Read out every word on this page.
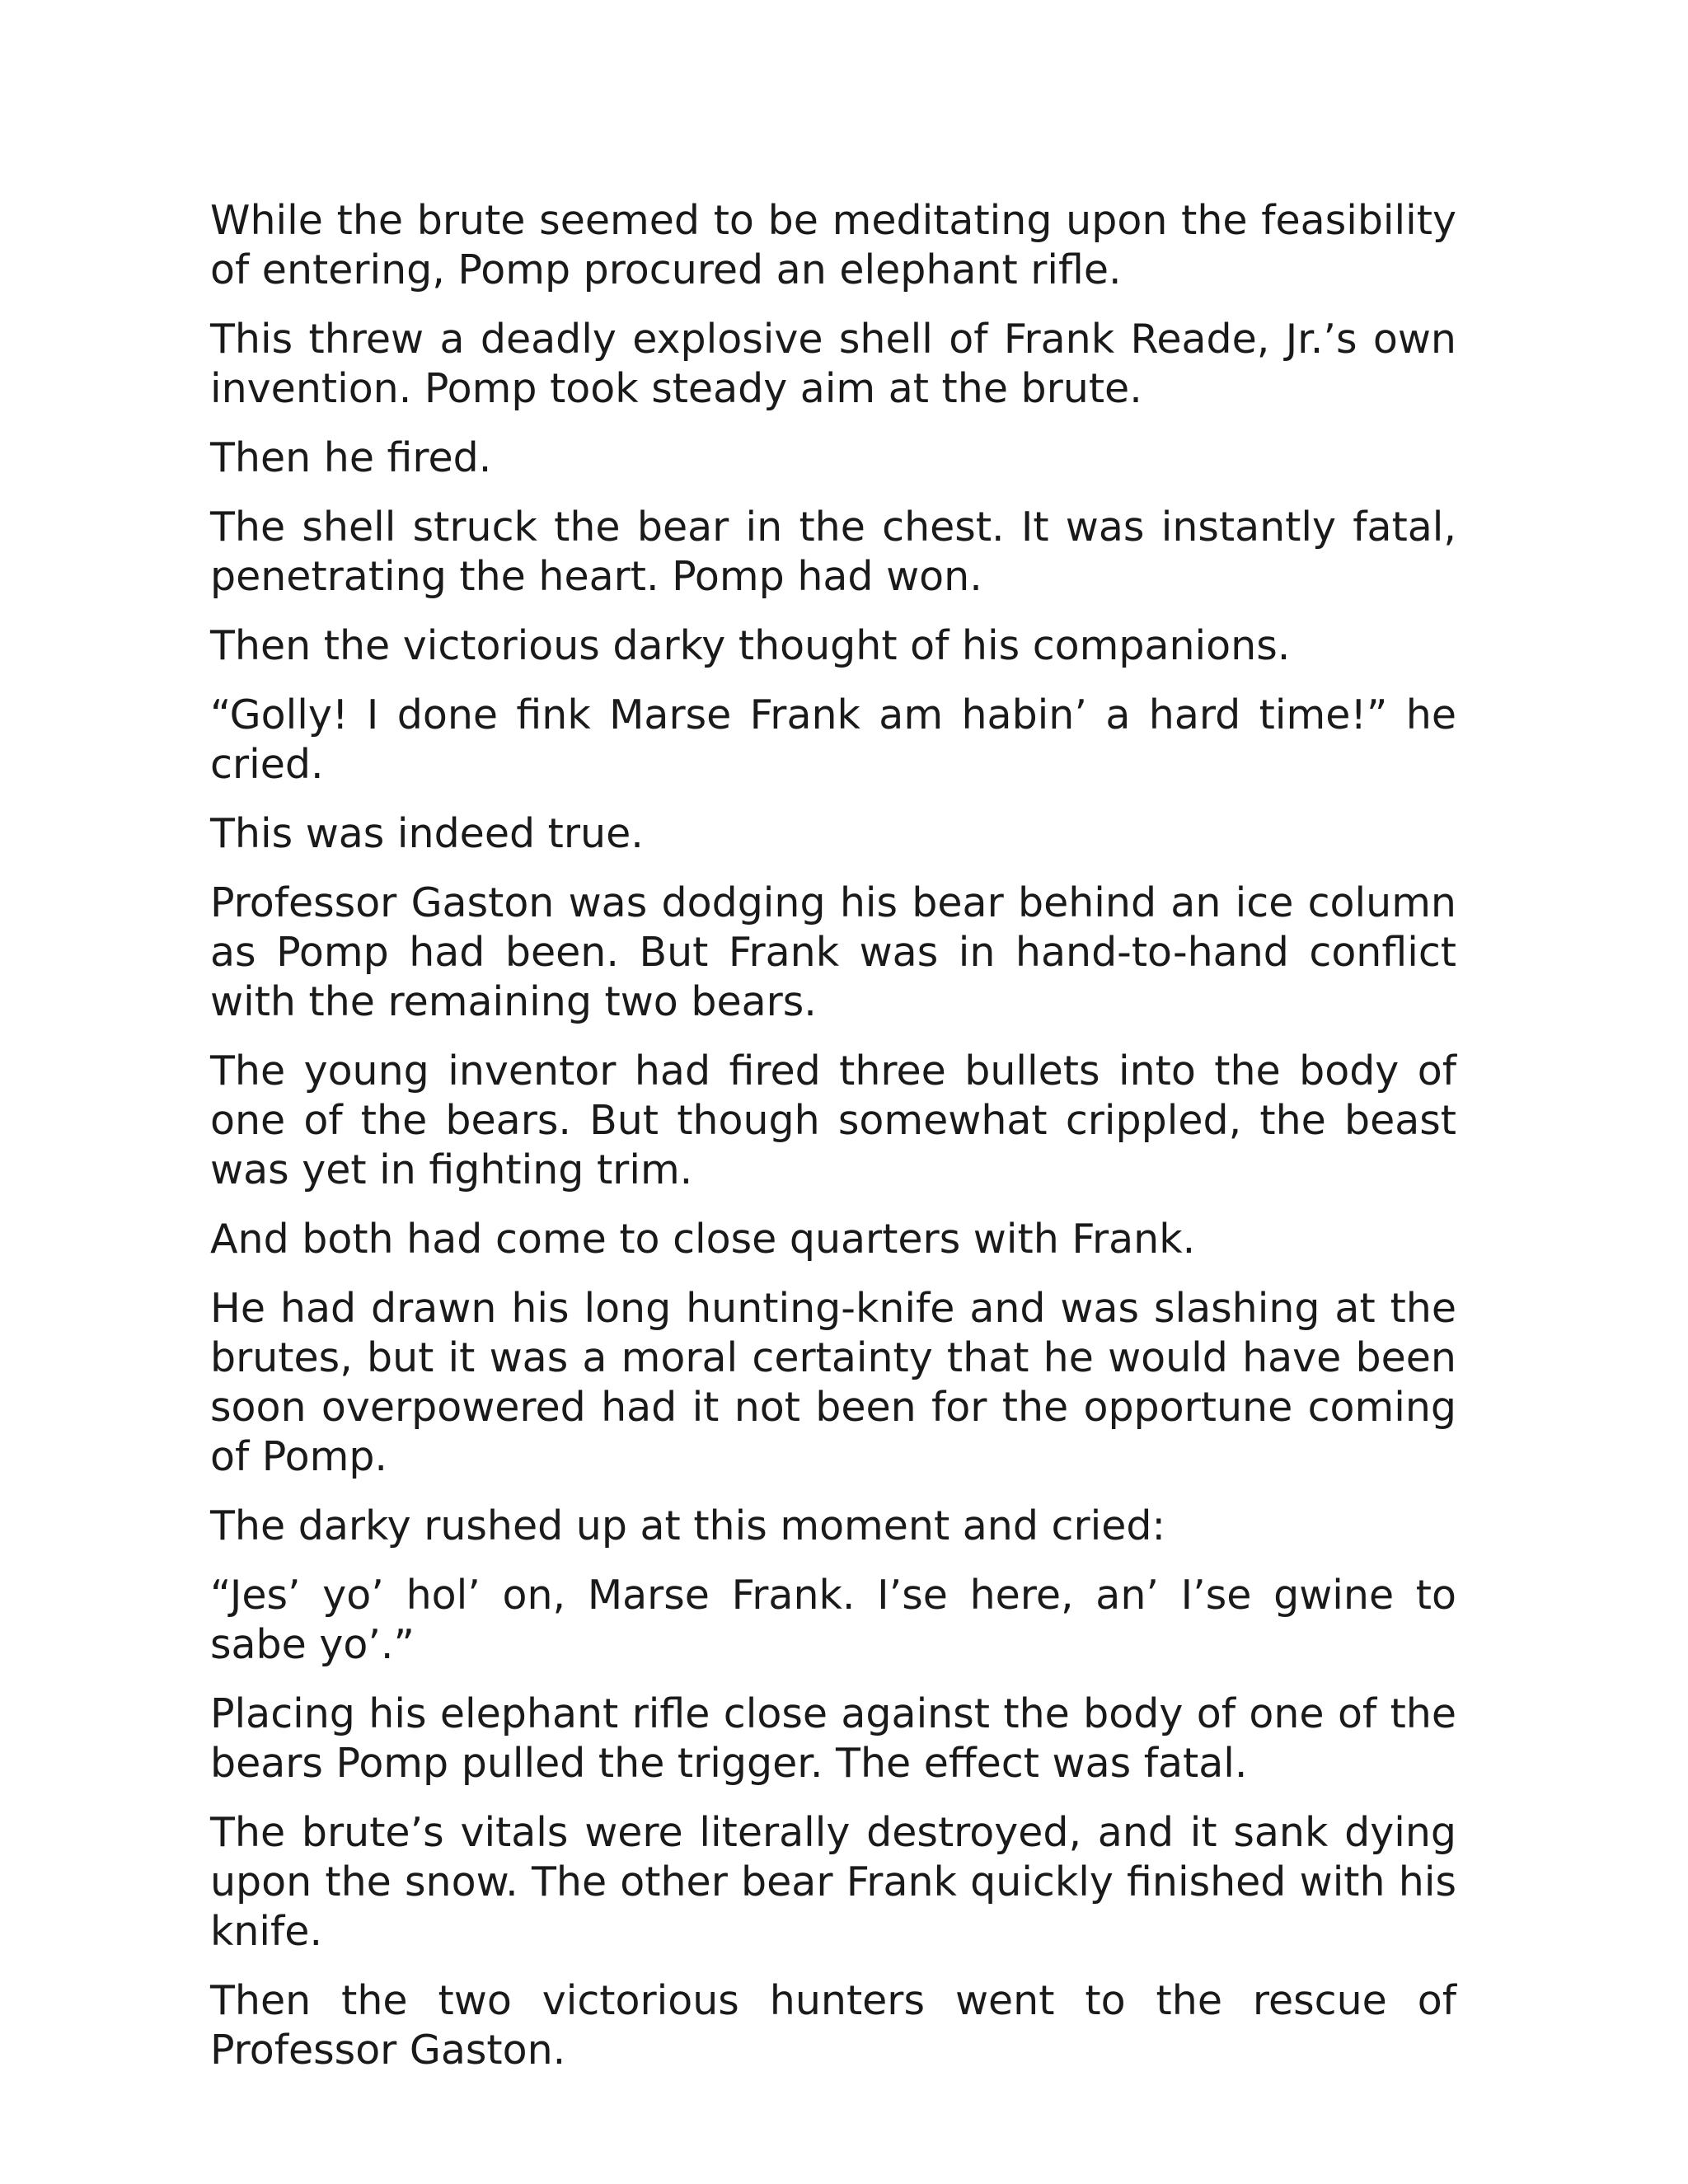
While the brute seemed to be meditating upon the feasibility of entering, Pomp procured an elephant rifle.

This threw a deadly explosive shell of Frank Reade, Jr.’s own invention. Pomp took steady aim at the brute.

Then he fired.

The shell struck the bear in the chest. It was instantly fatal, penetrating the heart. Pomp had won.

Then the victorious darky thought of his companions.

“Golly! I done fink Marse Frank am habin’ a hard time!” he cried.

This was indeed true.

Professor Gaston was dodging his bear behind an ice column as Pomp had been. But Frank was in hand-to-hand conflict with the remaining two bears.

The young inventor had fired three bullets into the body of one of the bears. But though somewhat crippled, the beast was yet in fighting trim.

And both had come to close quarters with Frank.

He had drawn his long hunting-knife and was slashing at the brutes, but it was a moral certainty that he would have been soon overpowered had it not been for the opportune coming of Pomp.

The darky rushed up at this moment and cried:

“Jes’ yo’ hol’ on, Marse Frank. I’se here, an’ I’se gwine to sabe yo’.”

Placing his elephant rifle close against the body of one of the bears Pomp pulled the trigger. The effect was fatal.

The brute’s vitals were literally destroyed, and it sank dying upon the snow. The other bear Frank quickly finished with his knife.

Then the two victorious hunters went to the rescue of Professor Gaston.
